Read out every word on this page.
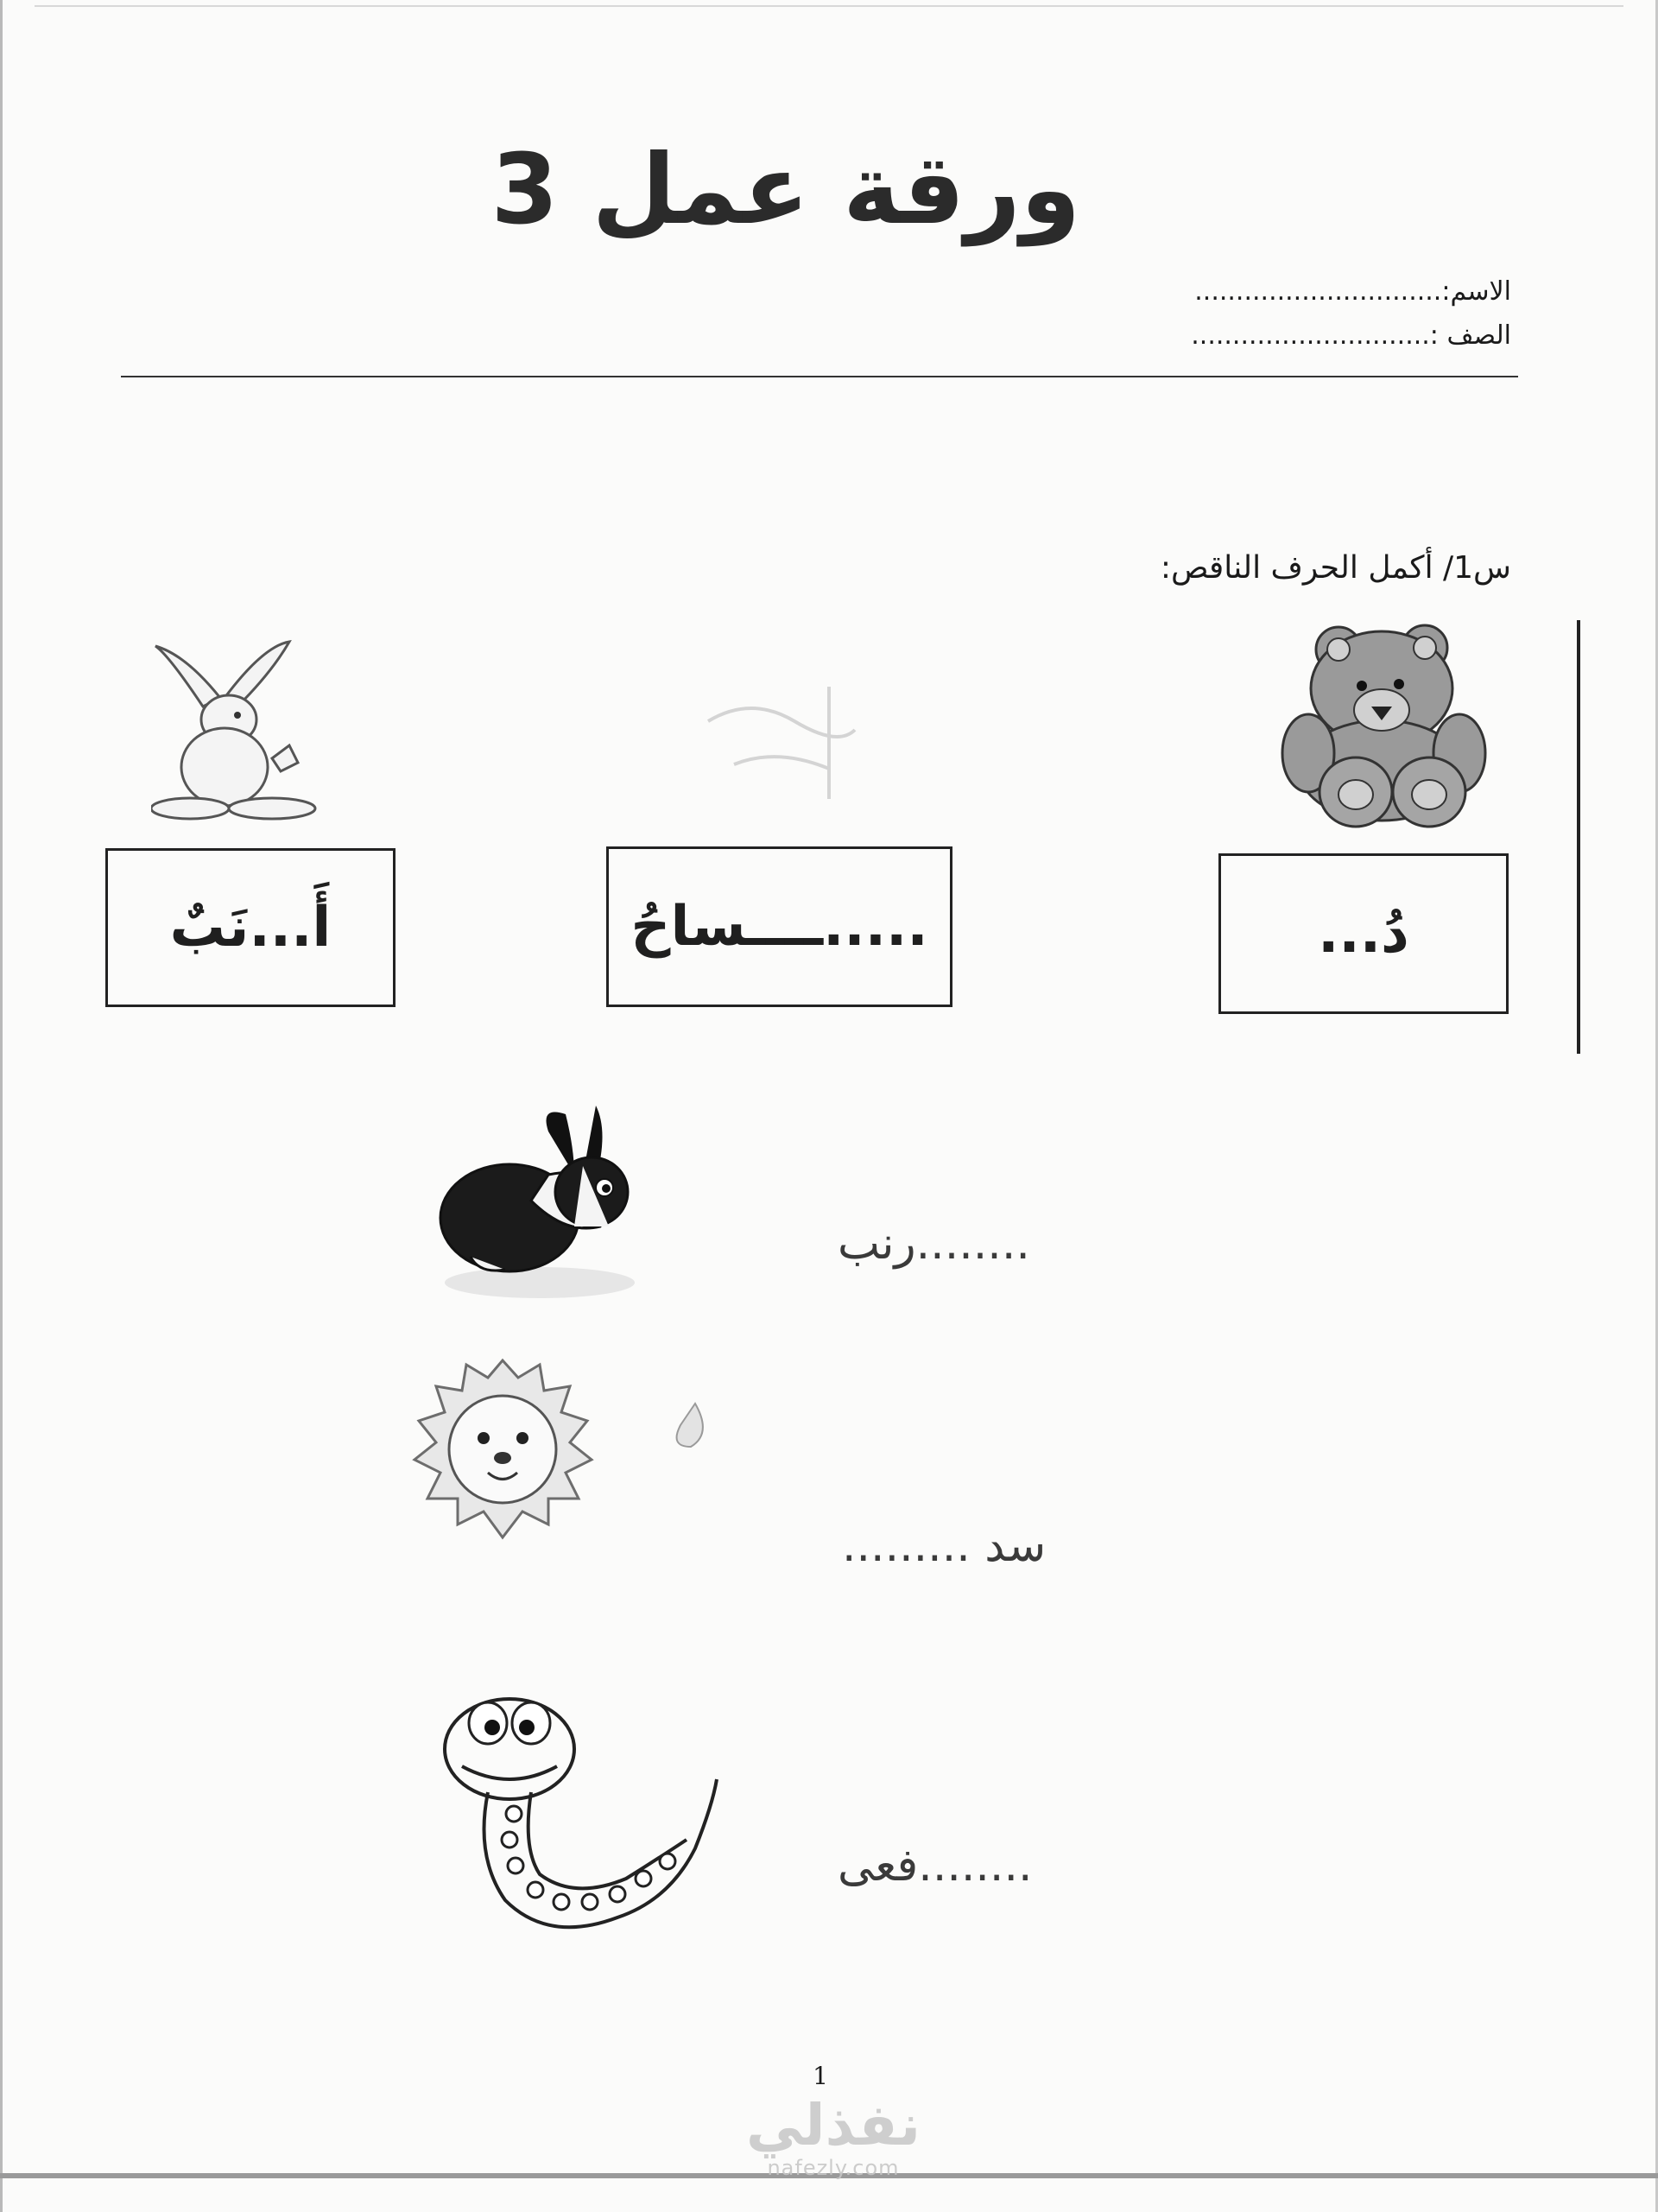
ورقة عمل 3
الاسم:..............................
الصف :.............................
س1/ أكمل الحرف الناقص:
دُ...
.....ــــساحُ
أَ...نَبٌ
........رنب
سد .........
........فعى
1
نفذلي
nafezly.com
